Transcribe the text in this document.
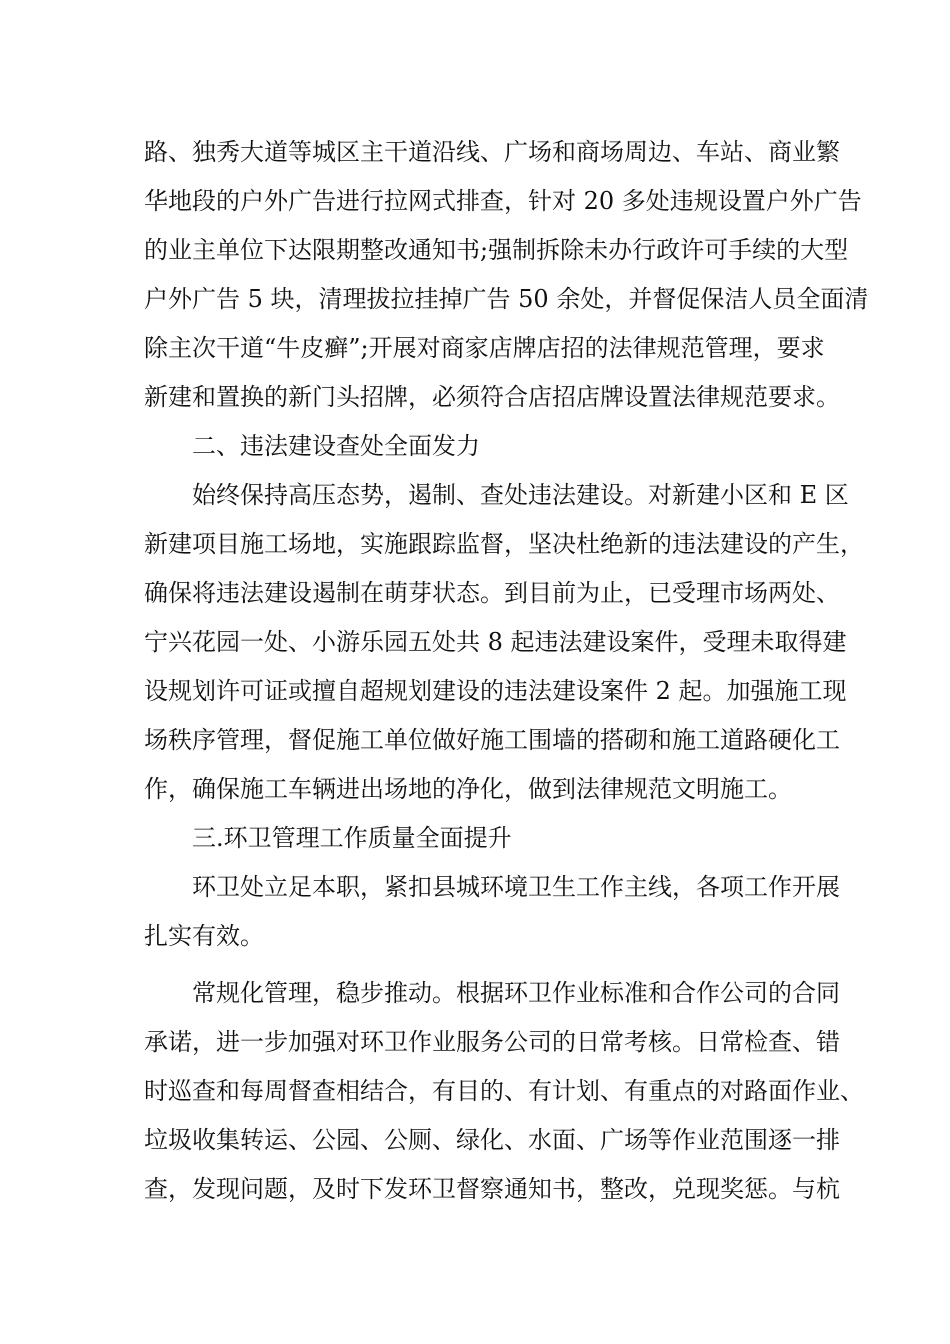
路、独秀大道等城区主干道沿线、广场和商场周边、车站、商业繁
华地段的户外广告进行拉网式排查，针对 20 多处违规设置户外广告
的业主单位下达限期整改通知书;强制拆除未办行政许可手续的大型
户外广告 5 块，清理拔拉挂掉广告 50 余处，并督促保洁人员全面清
除主次干道“牛皮癣”;开展对商家店牌店招的法律规范管理，要求
新建和置换的新门头招牌，必须符合店招店牌设置法律规范要求。
二、违法建设查处全面发力
始终保持高压态势，遏制、查处违法建设。对新建小区和 E 区
新建项目施工场地，实施跟踪监督，坚决杜绝新的违法建设的产生，
确保将违法建设遏制在萌芽状态。到目前为止，已受理市场两处、
宁兴花园一处、小游乐园五处共 8 起违法建设案件，受理未取得建
设规划许可证或擅自超规划建设的违法建设案件 2 起。加强施工现
场秩序管理，督促施工单位做好施工围墙的搭砌和施工道路硬化工
作，确保施工车辆进出场地的净化，做到法律规范文明施工。
三.环卫管理工作质量全面提升
环卫处立足本职，紧扣县城环境卫生工作主线，各项工作开展
扎实有效。
常规化管理，稳步推动。根据环卫作业标准和合作公司的合同
承诺，进一步加强对环卫作业服务公司的日常考核。日常检查、错
时巡查和每周督查相结合，有目的、有计划、有重点的对路面作业、
垃圾收集转运、公园、公厕、绿化、水面、广场等作业范围逐一排
查，发现问题，及时下发环卫督察通知书，整改，兑现奖惩。与杭
